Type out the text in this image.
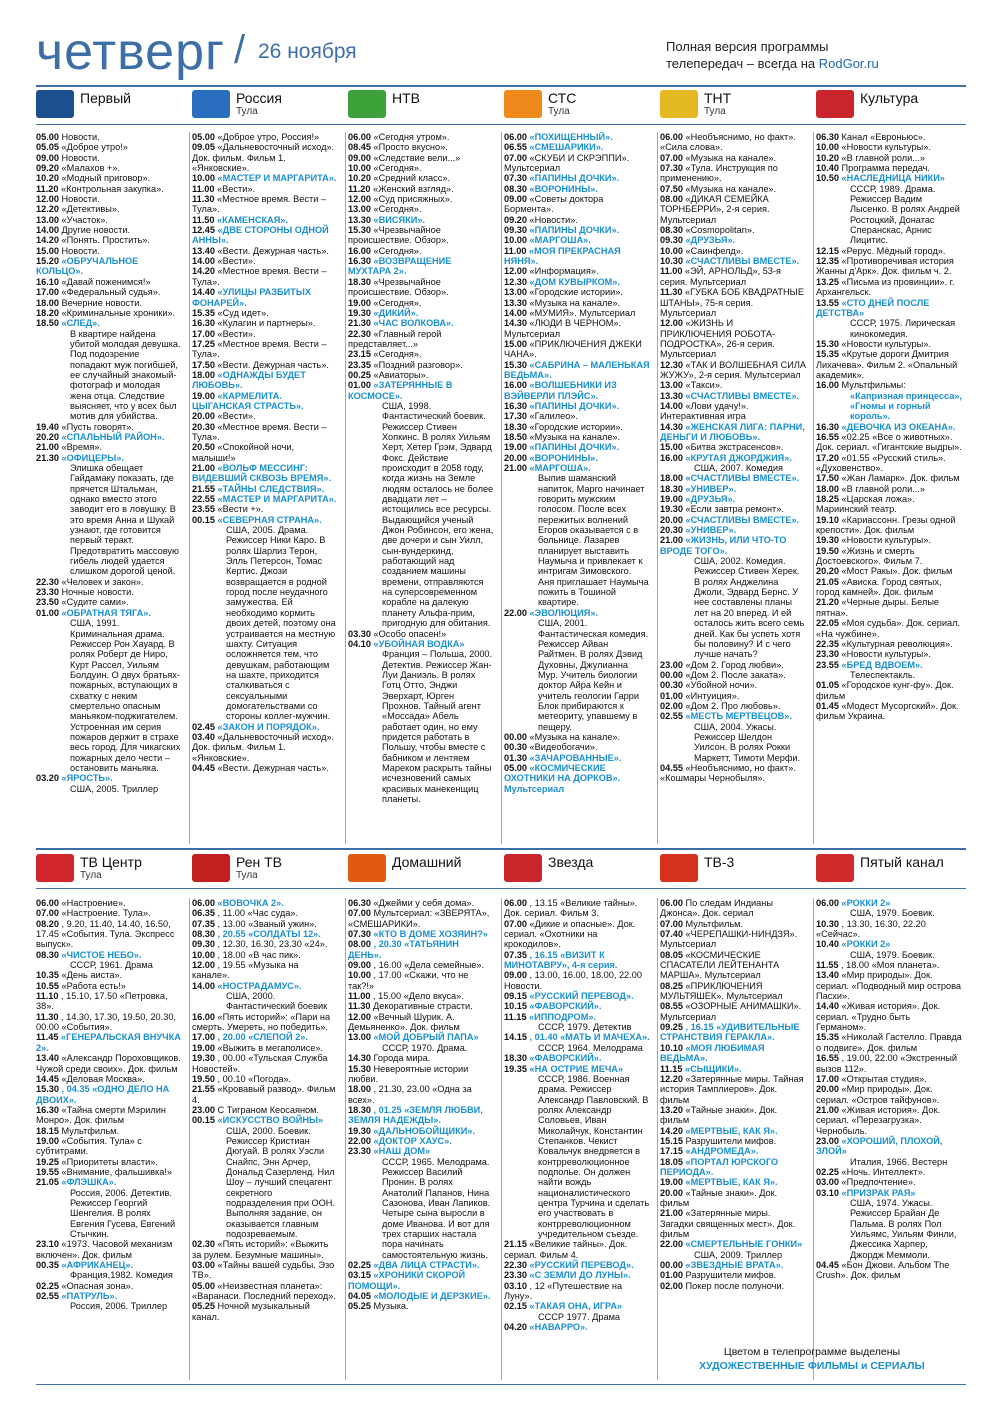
четверг / 26 ноября	Полная версия программы
телепередач – всегда на RodGor.ru
Первый	Россия
Тула
НТВ	СТС
Тула
ТНТ
Тула
Культура
05.00 Новости.
05.05 «Доброе утро!»
09.00 Новости.
09.20 «Малахов +».
10.20 «Модный приговор».
11.20 «Контрольная закупка».
12.00 Новости.
12.20 «Детективы».
13.00 «Участок».
14.00 Другие новости.
14.20 «Понять. Простить».
15.00 Новости.
15.20 «ОБРУЧАЛЬНОЕ КОЛЬЦО».
16.10 «Давай поженимся!»
17.00 «Федеральный судья».
18.00 Вечерние новости.
18.20 «Криминальные хроники».
18.50 «СЛЕД».
В квартире найдена убитой молодая девушка. Под подозрение попадают муж погибшей, ее случайный знакомый-фотограф и молодая жена отца. Следствие выясняет, что у всех был мотив для убийства.
19.40 «Пусть говорят».
20.20 «СПАЛЬНЫЙ РАЙОН».
21.00 «Время».
21.30 «ОФИЦЕРЫ».
Элишка обещает Гайдамаку показать, где прячется Штальман, однако вместо этого заводит его в ловушку. В это время Анна и Шукай узнают, где готовится первый теракт. Предотвратить массовую гибель людей удается слишком дорогой ценой.
22.30 «Человек и закон».
23.30 Ночные новости.
23.50 «Судите сами».
01.00 «ОБРАТНАЯ ТЯГА».
США, 1991. Криминальная драма. Режиссер Рон Хауард. В ролях Роберт де Ниро, Курт Рассел, Уильям Болдуин. О двух братьях-пожарных, вступающих в схватку с неким смертельно опасным маньяком-поджигателем. Устроенная им серия пожаров держит в страхе весь город. Для чикагских пожарных дело чести – остановить маньяка.
03.20 «ЯРОСТЬ».
США, 2005. Триллер
05.00 «Доброе утро, Россия!»
09.05 «Дальневосточный исход». Док. фильм. Фильм 1. «Янковские».
10.00 «МАСТЕР И МАРГАРИТА».
11.00 «Вести».
11.30 «Местное время. Вести – Тула».
11.50 «КАМЕНСКАЯ».
12.45 «ДВЕ СТОРОНЫ ОДНОЙ АННЫ».
13.40 «Вести. Дежурная часть».
14.00 «Вести».
14.20 «Местное время. Вести – Тула».
14.40 «УЛИЦЫ РАЗБИТЫХ ФОНАРЕЙ».
15.35 «Суд идет».
16.30 «Кулагин и партнеры».
17.00 «Вести».
17.25 «Местное время. Вести – Тула».
17.50 «Вести. Дежурная часть».
18.00 «ОДНАЖДЫ БУДЕТ ЛЮБОВЬ».
19.00 «КАРМЕЛИТА. ЦЫГАНСКАЯ СТРАСТЬ».
20.00 «Вести».
20.30 «Местное время. Вести – Тула».
20.50 «Спокойной ночи, малыши!»
21.00 «ВОЛЬФ МЕССИНГ: ВИДЕВШИЙ СКВОЗЬ ВРЕМЯ».
21.55 «ТАЙНЫ СЛЕДСТВИЯ».
22.55 «МАСТЕР И МАРГАРИТА».
23.55 «Вести +».
00.15 «СЕВЕРНАЯ СТРАНА».
США, 2005. Драма. Режиссер Ники Каро. В ролях Шарлиз Терон, Элль Петерсон, Томас Кертис. Джози возвращается в родной город после неудачного замужества. Ей необходимо кормить двоих детей, поэтому она устраивается на местную шахту. Ситуация осложняется тем, что девушкам, работающим на шахте, приходится сталкиваться с сексуальными домогательствами со стороны коллег-мужчин.
02.45 «ЗАКОН И ПОРЯДОК».
03.40 «Дальневосточный исход». Док. фильм. Фильм 1. «Янковские».
04.45 «Вести. Дежурная часть».
06.00 «Сегодня утром».
08.45 «Просто вкусно».
09.00 «Следствие вели...»
10.00 «Сегодня».
10.20 «Средний класс».
11.20 «Женский взгляд».
12.00 «Суд присяжных».
13.00 «Сегодня».
13.30 «ВИСЯКИ».
15.30 «Чрезвычайное происшествие. Обзор».
16.00 «Сегодня».
16.30 «ВОЗВРАЩЕНИЕ МУХТАРА 2».
18.30 «Чрезвычайное происшествие. Обзор».
19.00 «Сегодня».
19.30 «ДИКИЙ».
21.30 «ЧАС ВОЛКОВА».
22.30 «Главный герой представляет...»
23.15 «Сегодня».
23.35 «Поздний разговор».
00.25 «Авиаторы».
01.00 «ЗАТЕРЯННЫЕ В КОСМОСЕ».
США, 1998. Фантастический боевик. Режиссер Стивен Хопкинс. В ролях Уильям Херт, Хетер Грэм, Эдвард Фокс. Действие происходит в 2058 году, когда жизнь на Земле людям осталось не более двадцати лет – истощились все ресурсы. Выдающийся ученый Джон Робинсон, его жена, две дочери и сын Уилл, сын-вундеркинд, работающий над созданием машины времени, отправляются на суперсовременном корабле на далекую планету Альфа-прим, пригодную для обитания.
03.30 «Особо опасен!»
04.10 «УБОЙНАЯ ВОДКА»
Франция – Польша, 2000. Детектив. Режиссер Жан-Луи Даниэль. В ролях Готц Отто, Энджи Эверхарт, Юрген Прохнов. Тайный агент «Моссада» Абель работает один, но ему придется работать в Польшу, чтобы вместе с бабником и лентяем Мареком раскрыть тайны исчезновений самых красивых манекенщиц планеты.
06.00 «ПОХИЩЕННЫЙ».
06.55 «СМЕШАРИКИ».
07.00 «СКУБИ И СКРЭППИ». Мультсериал
07.30 «ПАПИНЫ ДОЧКИ».
08.30 «ВОРОНИНЫ».
09.00 «Советы доктора Бормента».
09.20 «Новости».
09.30 «ПАПИНЫ ДОЧКИ».
10.00 «МАРГОША».
11.00 «МОЯ ПРЕКРАСНАЯ НЯНЯ».
12.00 «Информация».
12.30 «ДОМ КУВЫРКОМ».
13.00 «Городские истории».
13.30 «Музыка на канале».
14.00 «МУМИЯ». Мультсериал
14.30 «ЛЮДИ В ЧЕРНОМ». Мультсериал
15.00 «ПРИКЛЮЧЕНИЯ ДЖЕКИ ЧАНА».
15.30 «САБРИНА – МАЛЕНЬКАЯ ВЕДЬМА».
16.00 «ВОЛШЕБНИКИ ИЗ ВЭЙВЕРЛИ ПЛЭЙС».
16.30 «ПАПИНЫ ДОЧКИ».
17.30 «Галилео».
18.30 «Городские истории».
18.50 «Музыка на канале».
19.00 «ПАПИНЫ ДОЧКИ».
20.00 «ВОРОНИНЫ».
21.00 «МАРГОША».
Выпив шаманский напиток, Марго начинает говорить мужским голосом. После всех пережитых волнений Егоров оказывается с в больнице. Лазарев планирует выставить Наумыча и привлекает к интригам Зимовского. Аня приглашает Наумыча пожить в Тошиной квартире.
22.00 «ЭВОЛЮЦИЯ».
США, 2001. Фантастическая комедия. Режиссер Айван Райтмен. В ролях Дэвид Духовны, Джулианна Мур. Учитель биологии доктор Айра Кейн и учитель геологии Гарри Блок прибираются к метеориту, упавшему в пещеру.
00.00 «Музыка на канале».
00.30 «Видеобогачи».
01.30 «ЗАЧАРОВАННЫЕ».
05.00 «КОСМИЧЕСКИЕ ОХОТНИКИ НА ДОРКОВ». Мультсериал
06.00 «Необъяснимо, но факт». «Сила слова».
07.00 «Музыка на канале».
07.30 «Тула. Инструкция по применению».
07.50 «Музыка на канале».
08.00 «ДИКАЯ СЕМЕЙКА ТОРНБЕРРИ», 2-я серия. Мультсериал
08.30 «Cosmopolitan».
09.30 «ДРУЗЬЯ».
10.00 «Саинфелд».
10.30 «СЧАСТЛИВЫ ВМЕСТЕ».
11.00 «ЭЙ, АРНОЛЬД», 53-я серия. Мультсериал
11.30 «ГУБКА БОБ КВАДРАТНЫЕ ШТАНЫ», 75-я серия. Мультсериал
12.00 «ЖИЗНЬ И ПРИКЛЮЧЕНИЯ РОБОТА-ПОДРОСТКА», 26-я серия. Мультсериал
12.30 «ТАК И ВОЛШЕБНАЯ СИЛА ЖУЖУ», 2-я серия. Мультсериал
13.00 «Такси».
13.30 «СЧАСТЛИВЫ ВМЕСТЕ».
14.00 «Лови удачу!». Интерактивная игра
14.30 «ЖЕНСКАЯ ЛИГА: ПАРНИ, ДЕНЬГИ И ЛЮБОВЬ».
15.00 «Битва экстрасенсов».
16.00 «КРУТАЯ ДЖОРДЖИЯ».
США, 2007. Комедия
18.00 «СЧАСТЛИВЫ ВМЕСТЕ».
18.30 «УНИВЕР».
19.00 «ДРУЗЬЯ».
19.30 «Если завтра ремонт».
20.00 «СЧАСТЛИВЫ ВМЕСТЕ».
20.30 «УНИВЕР».
21.00 «ЖИЗНЬ, ИЛИ ЧТО-ТО ВРОДЕ ТОГО».
США, 2002. Комедия. Режиссер Стивен Херек. В ролях Анджелина Джоли, Эдвард Бернс. У нее составлены планы лет на 20 вперед. И ей осталось жить всего семь дней. Как бы успеть хотя бы половину? И с чего лучше начать?
23.00 «Дом 2. Город любви».
00.00 «Дом 2. После заката».
00.30 «Убойной ночи».
01.00 «Интуиция».
02.00 «Дом 2. Про любовь».
02.55 «МЕСТЬ МЕРТВЕЦОВ».
США, 2004. Ужасы. Режиссер Шелдон Уилсон. В ролях Рокки Маркетт, Тимоти Мерфи.
04.55 «Необъяснимо, но факт». «Кошмары Чернобыля».
06.30 Канал «Евроньюс».
10.00 «Новости культуры».
10.20 «В главной роли...»
10.40 Программа передач.
10.50 «НАСЛЕДНИЦА НИКИ»
СССР, 1989. Драма. Режиссер Вадим Лысенко. В ролях Андрей Ростоцкий, Донатас Сперанскас, Арнис Лицитис.
12.15 «Рерус. Мёдный город».
12.35 «Противоречивая история Жанны д'Арк». Док. фильм ч. 2.
13.25 «Письма из провинции». г. Архангельск.
13.55 «СТО ДНЕЙ ПОСЛЕ ДЕТСТВА»
СССР, 1975. Лирическая кинокомедия.
15.30 «Новости культуры».
15.35 «Крутые дороги Дмитрия Лихачева». Фильм 2. «Опальный академик».
16.00 Мультфильмы:
«Капризная принцесса», «Гномы и горный король».
16.30 «ДЕВОЧКА ИЗ ОКЕАНА».
16.55 «02.25 «Все о животных». Док. сериал. «Гигантские выдры».
17.20 «01.55 «Русский стиль». «Духовенство».
17.50 «Жан Ламарк». Док. фильм
18.00 «В главной роли...»
18.25 «Царская ложа». Мариинский театр.
19.10 «Кариассонн. Грезы одной крепости». Док. фильм
19.30 «Новости культуры».
19.50 «Жизнь и смерть Достоевского». Фильм 7.
20.20 «Мост Ракы». Док. фильм
21.05 «Ависка. Город святых, город камней». Док. фильм
21.20 «Черные дыры. Белые пятна».
22.05 «Моя судьба». Док. сериал. «На чужбине».
22.35 «Культурная революция».
23.30 «Новости культуры».
23.55 «БРЕД ВДВОЕМ».
Телеспектакль.
01.05 «Городское кунг-фу». Док. фильм
01.45 «Модест Мусоргский». Док. фильм Украина.
ТВ Центр
Тула
Рен ТВ
Тула
Домашний	Звезда	ТВ-3	Пятый канал
06.00 «Настроение».
07.00 «Настроение. Тула».
08.20 , 9.20, 11.40, 14.40, 16.50, 17.45 «События. Тула. Экспресс выпуск».
08.30 «ЧИСТОЕ НЕБО».
СССР, 1961. Драма
10.35 «День аиста».
10.55 «Работа есть!»
11.10 , 15.10, 17.50 «Петровка, 38».
11.30 , 14.30, 17.30, 19.50, 20.30, 00.00 «События».
11.45 «ГЕНЕРАЛЬСКАЯ ВНУЧКА 2».
13.40 «Александр Пороховщиков. Чужой среди своих». Док. фильм
14.45 «Деловая Москва».
15.30 , 04.35 «ОДНО ДЕЛО НА ДВОИХ».
16.30 «Тайна смерти Мэрилин Монро». Док. фильм
18.15 Мультфильм.
19.00 «События. Тула» с субтитрами.
19.25 «Приоритеты власти».
19.55 «Внимание, фальшивка!»
21.05 «ФЛЭШКА».
Россия, 2006. Детектив. Режиссер Георгий Шенгелия. В ролях Евгения Гусева, Евгений Стычкин.
23.10 «1973. Часовой механизм включен». Док. фильм
00.35 «АФРИКАНЕЦ».
Франция,1982. Комедия
02.25 «Опасная зона».
02.55 «ПАТРУЛЬ».
Россия, 2006. Триллер
06.00 «ВОВОЧКА 2».
06.35 , 11.00 «Час суда».
07.35 , 13.00 «Званый ужин».
08.30 , 20.55 «СОЛДАТЫ 12».
09.30 , 12.30, 16.30, 23.30 «24».
10.00 , 18.00 «В час пик».
12.00 , 19.55 «Музыка на канале».
14.00 «НОСТРАДАМУС».
США, 2000. Фантастический боевик
16.00 «Пять историй»: «Пари на смерть. Умереть, но победить».
17.00 , 20.00 «СЛЕПОЙ 2».
19.00 «Выжить в мегаполисе».
19.30 , 00.00 «Тульская Служба Новостей».
19.50 , 00.10 «Погода».
21.55 «Кровавый развод». Фильм 4.
23.00 С Тиграном Кеосаяном.
00.15 «ИСКУССТВО ВОЙНЫ»
США, 2000. Боевик. Режиссер Кристиан Дюгуай. В ролях Уэсли Снайпс, Энн Арчер, Дональд Сазерленд. Нил Шоу – лучший спецагент секретного подразделения при ООН. Выполняя задание, он оказывается главным подозреваемым.
02.30 «Пять историй»: «Выжить за рулем. Безумные машины».
03.00 «Тайны вашей судьбы. Эзо ТВ».
05.00 «Неизвестная планета»: «Варанаси. Последний переход».
05.25 Ночной музыкальный канал.
06.30 «Джейми у себя дома».
07.00 Мультсериал: «ЗВЕРЯТА», «СМЕШАРИКИ».
07.30 «КТО В ДОМЕ ХОЗЯИН?»
08.00 , 20.30 «ТАТЬЯНИН ДЕНЬ».
09.00 , 16.00 «Дела семейные».
10.00 , 17.00 «Скажи, что не так?!»
11.00 , 15.00 «Дело вкуса».
11.30 Декоративные страсти.
12.00 «Вечный Шурик. А. Демьяненко». Док. фильм
13.00 «МОЙ ДОБРЫЙ ПАПА»
СССР, 1970. Драма.
14.30 Города мира.
15.30 Невероятные истории любви.
18.00 , 21.30, 23.00 «Одна за всех».
18.30 , 01.25 «ЗЕМЛЯ ЛЮБВИ, ЗЕМЛЯ НАДЕЖДЫ».
19.30 «ДАЛЬНОБОЙЩИКИ».
22.00 «ДОКТОР ХАУС».
23.30 «НАШ ДОМ»
СССР, 1965. Мелодрама. Режиссер Василий Пронин. В ролях Анатолий Папанов, Нина Сазонова, Иван Лапиков. Четыре сына выросли в доме Иванова. И вот для трех старших настала пора начинать самостоятельную жизнь.
02.25 «ДВА ЛИЦА СТРАСТИ».
03.15 «ХРОНИКИ СКОРОЙ ПОМОЩИ».
04.05 «МОЛОДЫЕ И ДЕРЗКИЕ».
05.25 Музыка.
06.00 , 13.15 «Великие тайны». Док. сериал. Фильм 3.
07.00 «Дикие и опасные». Док. сериал. «Охотники на крокодилов».
07.35 , 16.15 «ВИЗИТ К МИНОТАВРУ», 4-я серия.
09.00 , 13.00, 16.00, 18.00, 22.00 Новости.
09.15 «РУССКИЙ ПЕРЕВОД».
10.15 «ФАВОРСКИЙ».
11.15 «ИППОДРОМ».
СССР, 1979. Детектив
14.15 , 01.40 «МАТЬ И МАЧЕХА».
СССР, 1964. Мелодрама
18.30 «ФАВОРСКИЙ».
19.35 «НА ОСТРИЕ МЕЧА»
СССР, 1986. Военная драма. Режиссер Александр Павловский. В ролях Александр Соловьев, Иван Миколайчук, Константин Степанков. Чекист Ковальчук внедряется в контрреволюционное подполье. Он должен найти вождь националистического центра Турчина и сделать его участвовать в контрреволюционном учредительном съезде.
21.15 «Великие тайны». Док. сериал. Фильм 4.
22.30 «РУССКИЙ ПЕРЕВОД».
23.30 «С ЗЕМЛИ ДО ЛУНЫ».
03.10 , 12 «Путешествие на Луну».
02.15 «ТАКАЯ ОНА, ИГРА»
СССР 1977. Драма
04.20 «НАВАРРО».
06.00 По следам Индианы Джонса». Док. сериал
07.00 Мультфильм.
07.40 «ЧЕРЕПАШКИ-НИНДЗЯ». Мультсериал
08.05 «КОСМИЧЕСКИЕ СПАСАТЕЛИ ЛЕЙТЕНАНТА МАРША». Мультсериал
08.25 «ПРИКЛЮЧЕНИЯ МУЛЬТЯШЕК». Мультсериал
08.55 «ОЗОРНЫЕ АНИМАШКИ». Мультсериал
09.25 , 16.15 «УДИВИТЕЛЬНЫЕ СТРАНСТВИЯ ГЕРАКЛА».
10.10 «МОЯ ЛЮБИМАЯ ВЕДЬМА».
11.15 «СЫЩИКИ».
12.20 «Затерянные миры. Тайная история Тамплиеров». Док. фильм
13.20 «Тайные знаки». Док. фильм
14.20 «МЕРТВЫЕ, КАК Я».
15.15 Разрушители мифов.
17.15 «АНДРОМЕДА».
18.05 «ПОРТАЛ ЮРСКОГО ПЕРИОДА».
19.00 «МЕРТВЫЕ, КАК Я».
20.00 «Тайные знаки». Док. фильм
21.00 «Затерянные миры. Загадки священных мест». Док. фильм
22.00 «СМЕРТЕЛЬНЫЕ ГОНКИ»
США, 2009. Триллер
00.00 «ЗВЕЗДНЫЕ ВРАТА».
01.00 Разрушители мифов.
02.00 Покер после полуночи.
06.00 «РОККИ 2»
США, 1979. Боевик.
10.30 , 13.30, 16.30, 22.20 «Сейчас».
10.40 «РОККИ 2»
США, 1979. Боевик.
11.55 , 18.00 «Моя планета».
13.40 «Мир природы». Док. сериал. «Подводный мир острова Пасхи».
14.40 «Живая история». Док. сериал. «Трудно быть Германом».
15.35 «Николай Гастелло. Правда о подвиге». Док. фильм
16.55 , 19.00, 22.00 «Экстренный вызов 112».
17.00 «Открытая студия».
20.00 «Мир природы». Док. сериал. «Остров тайфунов».
21.00 «Живая история». Док. сериал. «Перезагрузка». Чернобыль.
23.00 «ХОРОШИЙ, ПЛОХОЙ, ЗЛОЙ»
Италия, 1966. Вестерн
02.25 «Ночь. Интеллект».
03.00 «Предпочтение».
03.10 «ПРИЗРАК РАЯ»
США, 1974. Ужасы. Режиссер Брайан Де Пальма. В ролях Пол Уильямс, Уильям Финли, Джессика Харпер, Джордж Меммоли.
04.45 «Бон Джови. Альбом The Crush». Док. фильм
Цветом в телепрограмме выделены
ХУДОЖЕСТВЕННЫЕ ФИЛЬМЫ и СЕРИАЛЫ
